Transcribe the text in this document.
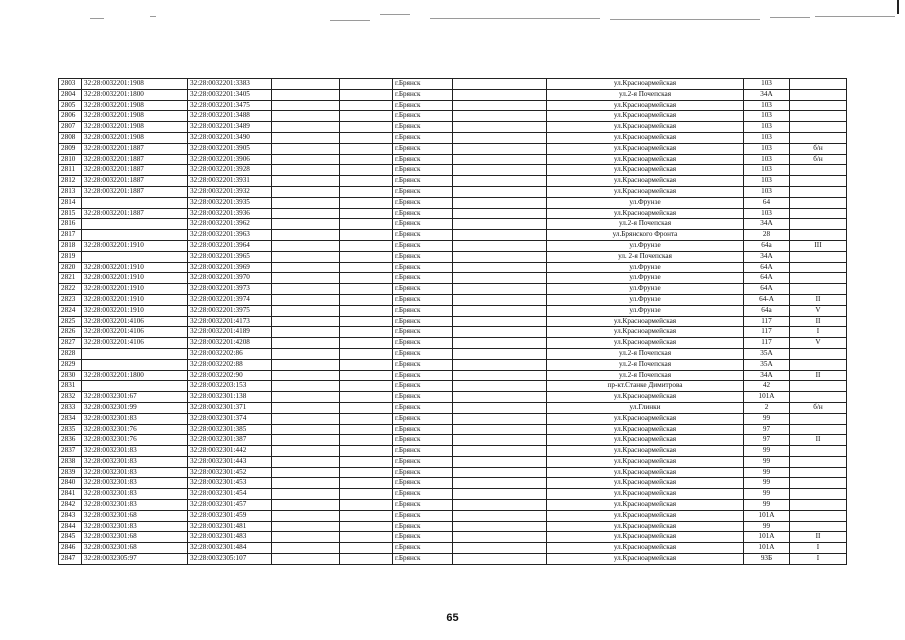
2803	32:28:0032201:1908	32:28:0032201:3383			г.Брянск		ул.Красноармейская	103	
2804	32:28:0032201:1800	32:28:0032201:3405			г.Брянск		ул.2-я Почепская	34А	
2805	32:28:0032201:1908	32:28:0032201:3475			г.Брянск		ул.Красноармейская	103	
2806	32:28:0032201:1908	32:28:0032201:3488			г.Брянск		ул.Красноармейская	103	
2807	32:28:0032201:1908	32:28:0032201:3489			г.Брянск		ул.Красноармейская	103	
2808	32:28:0032201:1908	32:28:0032201:3490			г.Брянск		ул.Красноармейская	103	
2809	32:28:0032201:1887	32:28:0032201:3905			г.Брянск		ул.Красноармейская	103	б/н
2810	32:28:0032201:1887	32:28:0032201:3906			г.Брянск		ул.Красноармейская	103	б/н
2811	32:28:0032201:1887	32:28:0032201:3928			г.Брянск		ул.Красноармейская	103	
2812	32:28:0032201:1887	32:28:0032201:3931			г.Брянск		ул.Красноармейская	103	
2813	32:28:0032201:1887	32:28:0032201:3932			г.Брянск		ул.Красноармейская	103	
2814		32:28:0032201:3935			г.Брянск		ул.Фрунзе	64	
2815	32:28:0032201:1887	32:28:0032201:3936			г.Брянск		ул.Красноармейская	103	
2816		32:28:0032201:3962			г.Брянск		ул.2-я Почепская	34А	
2817		32:28:0032201:3963			г.Брянск		ул.Брянского Фронта	28	
2818	32:28:0032201:1910	32:28:0032201:3964			г.Брянск		ул.Фрунзе	64а	III
2819		32:28:0032201:3965			г.Брянск		ул. 2-я Почепская	34А	
2820	32:28:0032201:1910	32:28:0032201:3969			г.Брянск		ул.Фрунзе	64А	
2821	32:28:0032201:1910	32:28:0032201:3970			г.Брянск		ул.Фрунзе	64А	
2822	32:28:0032201:1910	32:28:0032201:3973			г.Брянск		ул.Фрунзе	64А	
2823	32:28:0032201:1910	32:28:0032201:3974			г.Брянск		ул.Фрунзе	64-А	II
2824	32:28:0032201:1910	32:28:0032201:3975			г.Брянск		ул.Фрунзе	64а	V
2825	32:28:0032201:4106	32:28:0032201:4173			г.Брянск		ул.Красноармейская	117	II
2826	32:28:0032201:4106	32:28:0032201:4189			г.Брянск		ул.Красноармейская	117	I
2827	32:28:0032201:4106	32:28:0032201:4208			г.Брянск		ул.Красноармейская	117	V
2828		32:28:0032202:86			г.Брянск		ул.2-я Почепская	35А	
2829		32:28:0032202:88			г.Брянск		ул.2-я Почепская	35А	
2830	32:28:0032201:1800	32:28:0032202:90			г.Брянск		ул.2-я Почепская	34А	II
2831		32:28:0032203:153			г.Брянск		пр-кт.Станке Димитрова	42	
2832	32:28:0032301:67	32:28:0032301:138			г.Брянск		ул.Красноармейская	101А	
2833	32:28:0032301:99	32:28:0032301:371			г.Брянск		ул.Глинки	2	б/н
2834	32:28:0032301:83	32:28:0032301:374			г.Брянск		ул.Красноармейская	99	
2835	32:28:0032301:76	32:28:0032301:385			г.Брянск		ул.Красноармейская	97	
2836	32:28:0032301:76	32:28:0032301:387			г.Брянск		ул.Красноармейская	97	II
2837	32:28:0032301:83	32:28:0032301:442			г.Брянск		ул.Красноармейская	99	
2838	32:28:0032301:83	32:28:0032301:443			г.Брянск		ул.Красноармейская	99	
2839	32:28:0032301:83	32:28:0032301:452			г.Брянск		ул.Красноармейская	99	
2840	32:28:0032301:83	32:28:0032301:453			г.Брянск		ул.Красноармейская	99	
2841	32:28:0032301:83	32:28:0032301:454			г.Брянск		ул.Красноармейская	99	
2842	32:28:0032301:83	32:28:0032301:457			г.Брянск		ул.Красноармейская	99	
2843	32:28:0032301:68	32:28:0032301:459			г.Брянск		ул.Красноармейская	101А	
2844	32:28:0032301:83	32:28:0032301:481			г.Брянск		ул.Красноармейская	99	
2845	32:28:0032301:68	32:28:0032301:483			г.Брянск		ул.Красноармейская	101А	II
2846	32:28:0032301:68	32:28:0032301:484			г.Брянск		ул.Красноармейская	101А	I
2847	32:28:0032305:97	32:28:0032305:107			г.Брянск		ул.Красноармейская	93Б	I
65
